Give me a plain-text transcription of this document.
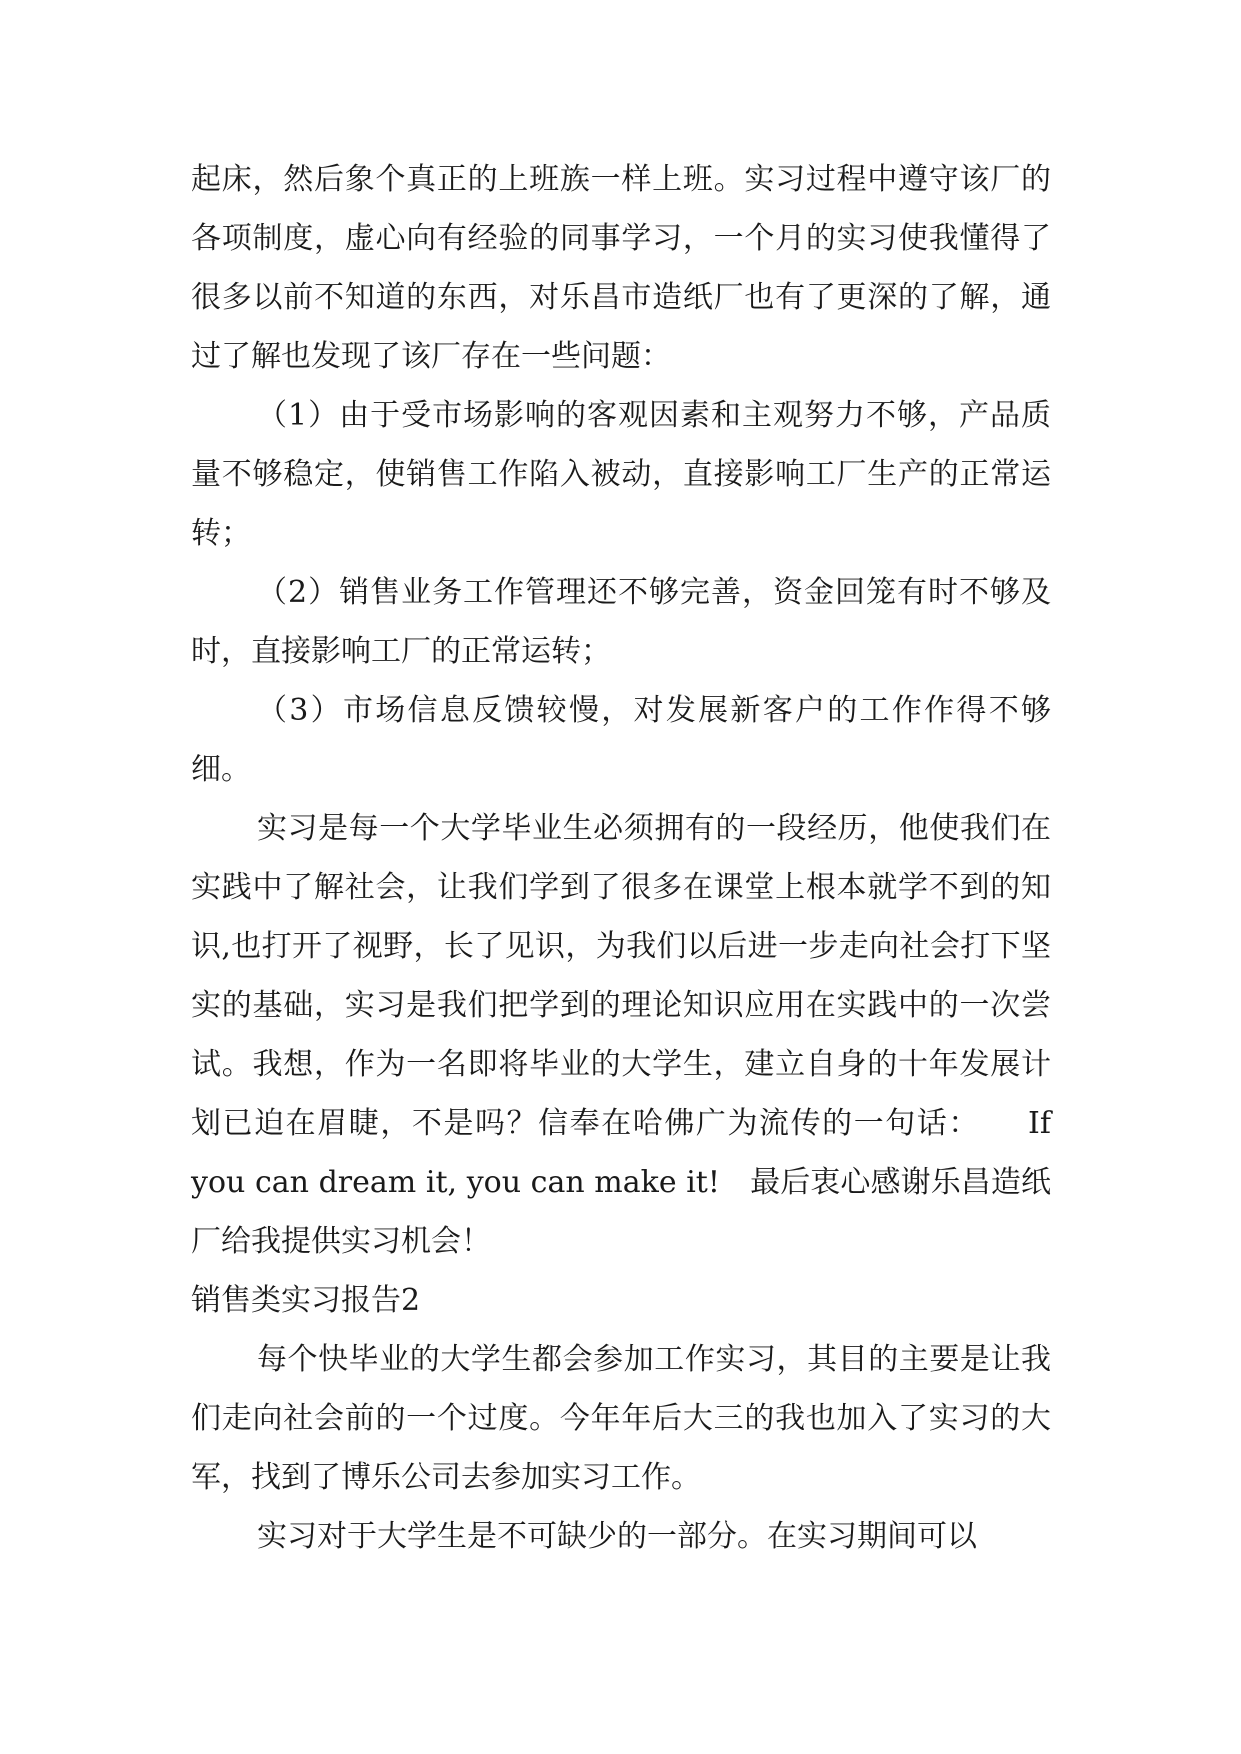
起床，然后象个真正的上班族一样上班。实习过程中遵守该厂的各项制度，虚心向有经验的同事学习，一个月的实习使我懂得了很多以前不知道的东西，对乐昌市造纸厂也有了更深的了解，通过了解也发现了该厂存在一些问题：

（1）由于受市场影响的客观因素和主观努力不够，产品质量不够稳定，使销售工作陷入被动，直接影响工厂生产的正常运转；

（2）销售业务工作管理还不够完善，资金回笼有时不够及时，直接影响工厂的正常运转；

（3）市场信息反馈较慢，对发展新客户的工作作得不够细。

实习是每一个大学毕业生必须拥有的一段经历，他使我们在实践中了解社会，让我们学到了很多在课堂上根本就学不到的知识,也打开了视野，长了见识，为我们以后进一步走向社会打下坚实的基础，实习是我们把学到的理论知识应用在实践中的一次尝试。我想，作为一名即将毕业的大学生，建立自身的十年发展计划已迫在眉睫，不是吗？信奉在哈佛广为流传的一句话：　　If you can dream it, you can make it!　最后衷心感谢乐昌造纸厂给我提供实习机会！

销售类实习报告2

每个快毕业的大学生都会参加工作实习，其目的主要是让我们走向社会前的一个过度。今年年后大三的我也加入了实习的大军，找到了博乐公司去参加实习工作。

实习对于大学生是不可缺少的一部分。在实习期间可以
